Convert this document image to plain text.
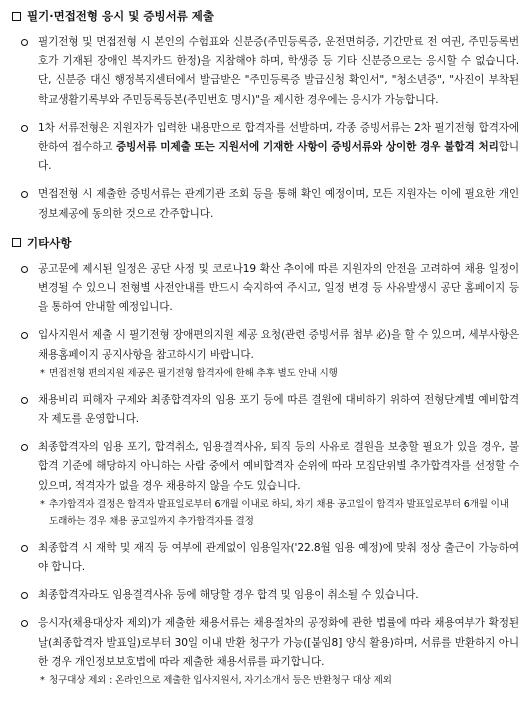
필기·면접전형 응시 및 증빙서류 제출
필기전형 및 면접전형 시 본인의 수험표와 신분증(주민등록증, 운전면허증, 기간만료 전 여권, 주민등록번호가 기재된 장애인 복지카드 한정)을 지참해야 하며, 학생증 등 기타 신분증으로는 응시할 수 없습니다. 단, 신분증 대신 행정복지센터에서 발급받은 "주민등록증 발급신청 확인서", "청소년증", "사진이 부착된 학교생활기록부와 주민등록등본(주민번호 명시)"을 제시한 경우에는 응시가 가능합니다.
1차 서류전형은 지원자가 입력한 내용만으로 합격자를 선발하며, 각종 증빙서류는 2차 필기전형 합격자에 한하여 접수하고 증빙서류 미제출 또는 지원서에 기재한 사항이 증빙서류와 상이한 경우 불합격 처리합니다.
면접전형 시 제출한 증빙서류는 관계기관 조회 등을 통해 확인 예정이며, 모든 지원자는 이에 필요한 개인정보제공에 동의한 것으로 간주합니다.
기타사항
공고문에 제시된 일정은 공단 사정 및 코로나19 확산 추이에 따른 지원자의 안전을 고려하여 채용 일정이 변경될 수 있으니 전형별 사전안내를 반드시 숙지하여 주시고, 일정 변경 등 사유발생시 공단 홈페이지 등을 통하여 안내할 예정입니다.
입사지원서 제출 시 필기전형 장애편의지원 제공 요청(관련 증빙서류 첨부 必)을 할 수 있으며, 세부사항은 채용홈페이지 공지사항을 참고하시기 바랍니다.
* 면접전형 편의지원 제공은 필기전형 합격자에 한해 추후 별도 안내 시행
채용비리 피해자 구제와 최종합격자의 임용 포기 등에 따른 결원에 대비하기 위하여 전형단계별 예비합격자 제도를 운영합니다.
최종합격자의 임용 포기, 합격취소, 임용결격사유, 퇴직 등의 사유로 결원을 보충할 필요가 있을 경우, 불합격 기준에 해당하지 아니하는 사람 중에서 예비합격자 순위에 따라 모집단위별 추가합격자를 선정할 수 있으며, 적격자가 없을 경우 채용하지 않을 수도 있습니다.
* 추가합격자 결정은 합격자 발표일로부터 6개월 이내로 하되, 차기 채용 공고일이 합격자 발표일로부터 6개월 이내 도래하는 경우 채용 공고일까지 추가합격자를 결정
최종합격 시 재학 및 재직 등 여부에 관계없이 임용일자('22.8월 임용 예정)에 맞춰 정상 출근이 가능하여야 합니다.
최종합격자라도 임용결격사유 등에 해당할 경우 합격 및 임용이 취소될 수 있습니다.
응시자(채용대상자 제외)가 제출한 채용서류는 채용절차의 공정화에 관한 법률에 따라 채용여부가 확정된 날(최종합격자 발표일)로부터 30일 이내 반환 청구가 가능([붙임8] 양식 활용)하며, 서류를 반환하지 아니한 경우 개인정보보호법에 따라 제출한 채용서류를 파기합니다.
* 청구대상 제외 : 온라인으로 제출한 입사지원서, 자기소개서 등은 반환청구 대상 제외
